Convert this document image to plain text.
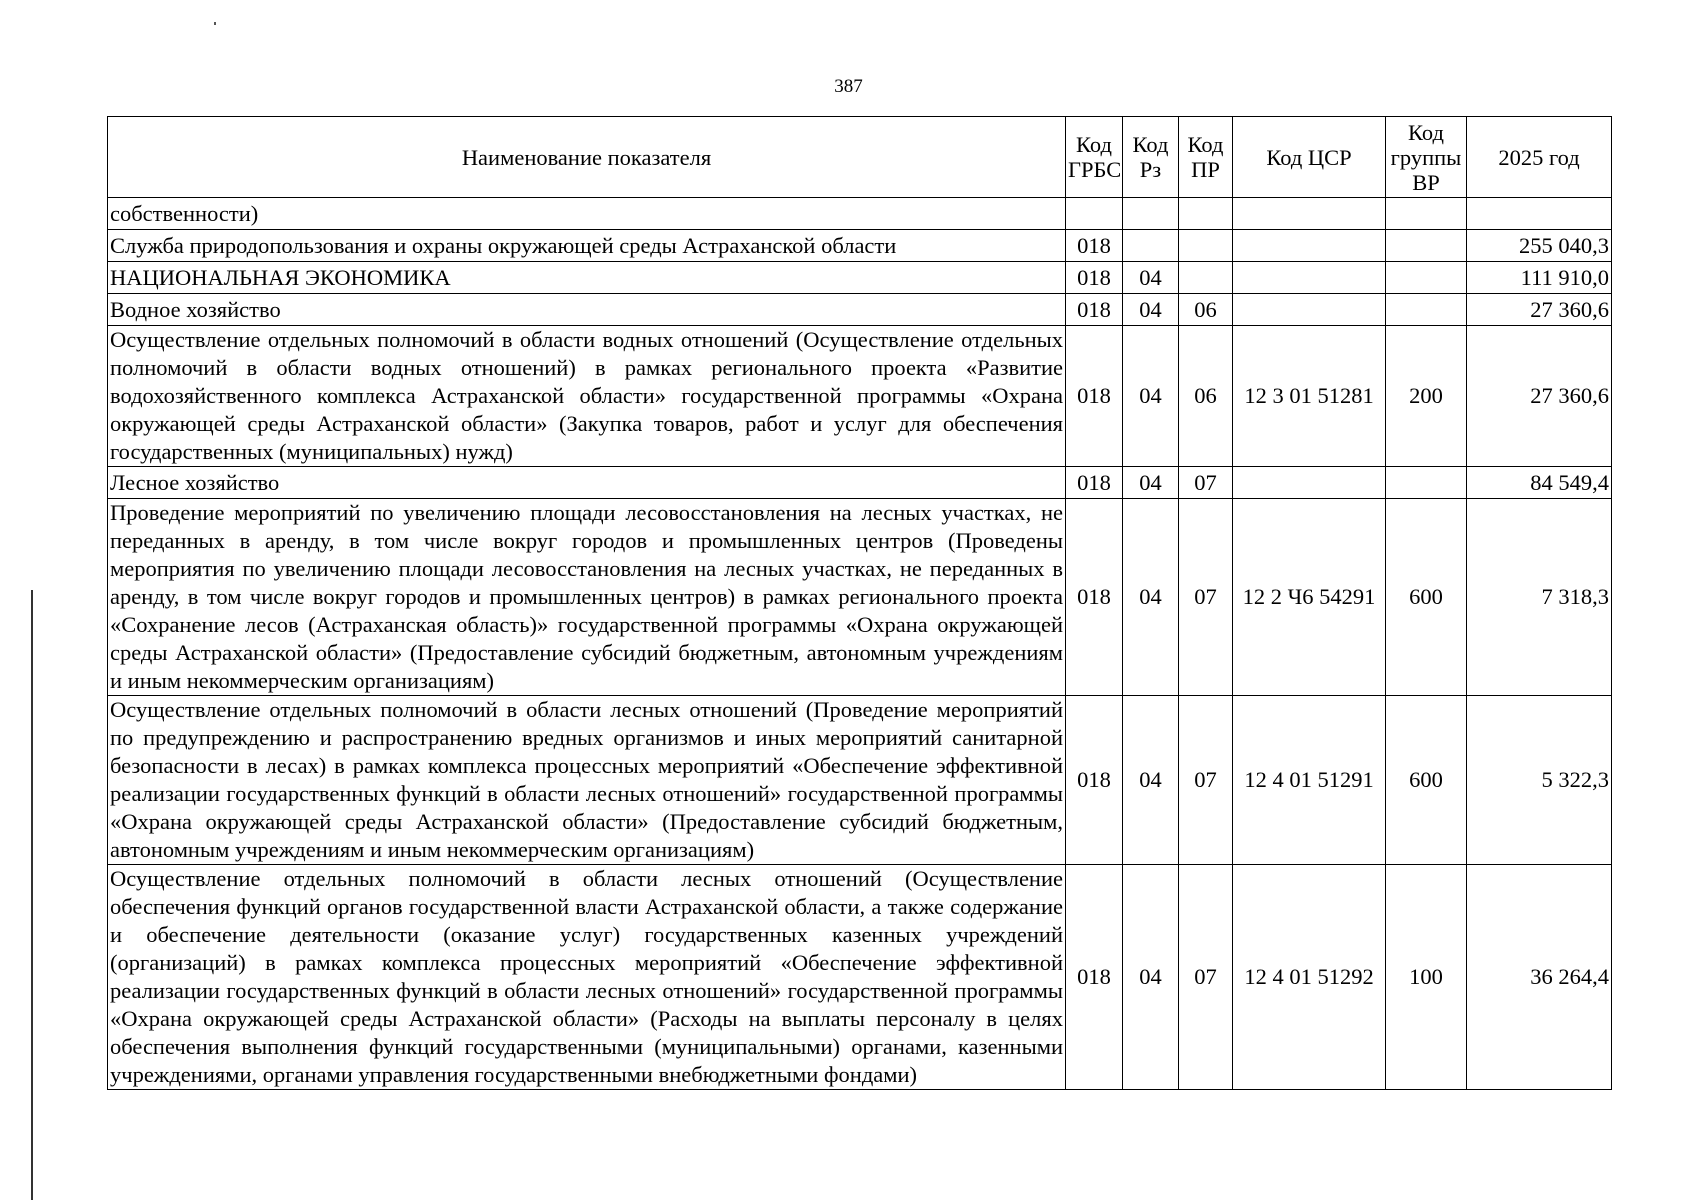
387
Наименование показателя	Код ГРБС	Код Рз	Код ПР	Код ЦСР	Код группы ВР	2025 год
собственности)						
Служба природопользования и охраны окружающей среды Астраханской области	018					255 040,3
НАЦИОНАЛЬНАЯ ЭКОНОМИКА	018	04				111 910,0
Водное хозяйство	018	04	06			27 360,6
Осуществление отдельных полномочий в области водных отношений (Осуществление отдельных полномочий в области водных отношений) в рамках регионального проекта «Развитие водохозяйственного комплекса Астраханской области» государственной программы «Охрана окружающей среды Астраханской области» (Закупка товаров, работ и услуг для обеспечения государственных (муниципальных) нужд)	018	04	06	12 3 01 51281	200	27 360,6
Лесное хозяйство	018	04	07			84 549,4
Проведение мероприятий по увеличению площади лесовосстановления на лесных участках, не переданных в аренду, в том числе вокруг городов и промышленных центров (Проведены мероприятия по увеличению площади лесовосстановления на лесных участках, не переданных в аренду, в том числе вокруг городов и промышленных центров) в рамках регионального проекта «Сохранение лесов (Астраханская область)» государственной программы «Охрана окружающей среды Астраханской области» (Предоставление субсидий бюджетным, автономным учреждениям и иным некоммерческим организациям)	018	04	07	12 2 Ч6 54291	600	7 318,3
Осуществление отдельных полномочий в области лесных отношений (Проведение мероприятий по предупреждению и распространению вредных организмов и иных мероприятий санитарной безопасности в лесах) в рамках комплекса процессных мероприятий «Обеспечение эффективной реализации государственных функций в области лесных отношений» государственной программы «Охрана окружающей среды Астраханской области» (Предоставление субсидий бюджетным, автономным учреждениям и иным некоммерческим организациям)	018	04	07	12 4 01 51291	600	5 322,3
Осуществление отдельных полномочий в области лесных отношений (Осуществление обеспечения функций органов государственной власти Астраханской области, а также содержание и обеспечение деятельности (оказание услуг) государственных казенных учреждений (организаций) в рамках комплекса процессных мероприятий «Обеспечение эффективной реализации государственных функций в области лесных отношений» государственной программы «Охрана окружающей среды Астраханской области» (Расходы на выплаты персоналу в целях обеспечения выполнения функций государственными (муниципальными) органами, казенными учреждениями, органами управления государственными внебюджетными фондами)	018	04	07	12 4 01 51292	100	36 264,4
